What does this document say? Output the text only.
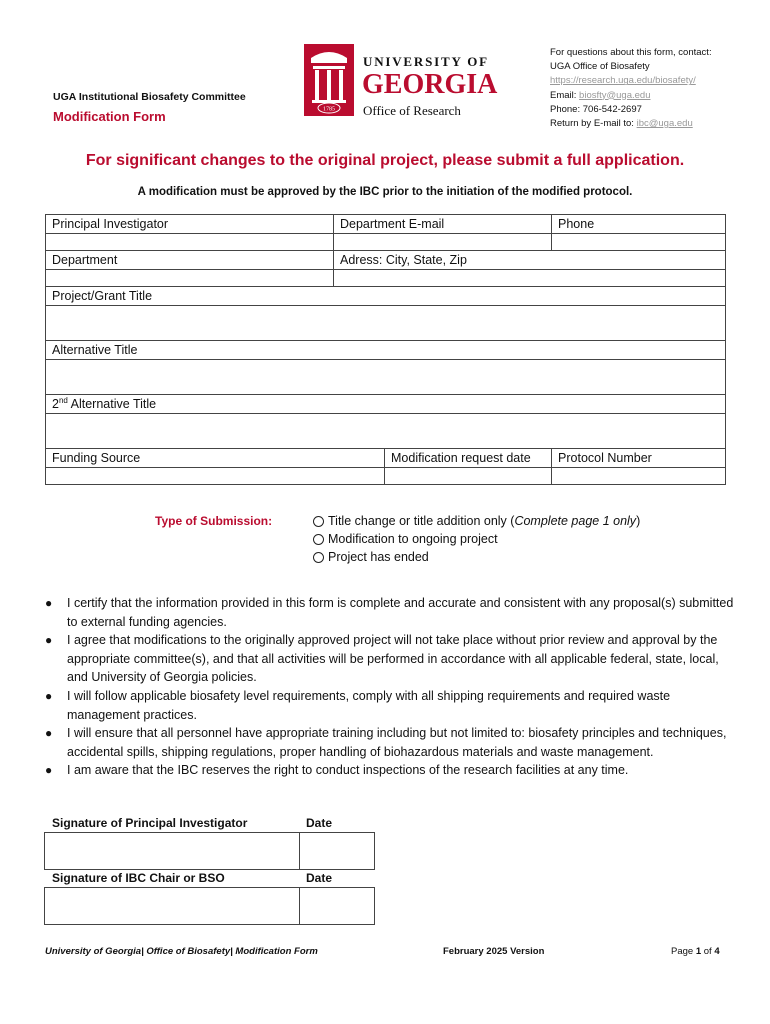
UGA Institutional Biosafety Committee
Modification Form	1785
UNIVERSITY OF
GEORGIA
Office of Research
For questions about this form, contact:
UGA Office of Biosafety
https://research.uga.edu/biosafety/
Email: biosfty@uga.edu
Phone: 706-542-2697
Return by E-mail to: ibc@uga.edu
For significant changes to the original project, please submit a full application.
A modification must be approved by the IBC prior to the initiation of the modified protocol.
Principal Investigator	Department E-mail		Phone

Department	Adress: City, State, Zip		

Project/Grant Title			

Alternative Title			

2nd Alternative Title			

Funding Source		Modification request date	Protocol Number

Type of Submission:	Title change or title addition only ( Complete page 1 only )
Modification to ongoing project
Project has ended
●	I certify that the information provided in this form is complete and accurate and consistent with any proposal(s) submitted to external funding agencies.
●	I agree that modifications to the originally approved project will not take place without prior review and approval by the appropriate committee(s), and that all activities will be performed in accordance with all applicable federal, state, local, and University of Georgia policies.
●	I will follow applicable biosafety level requirements, comply with all shipping requirements and required waste management practices.
●	I will ensure that all personnel have appropriate training including but not limited to: biosafety principles and techniques, accidental spills, shipping regulations, proper handling of biohazardous materials and waste management.
●	I am aware that the IBC reserves the right to conduct inspections of the research facilities at any time.
Signature of Principal Investigator	Date

Signature of IBC Chair or BSO	Date

University of Georgia| Office of Biosafety| Modification Form	February 2025 Version	Page 1 of 4
